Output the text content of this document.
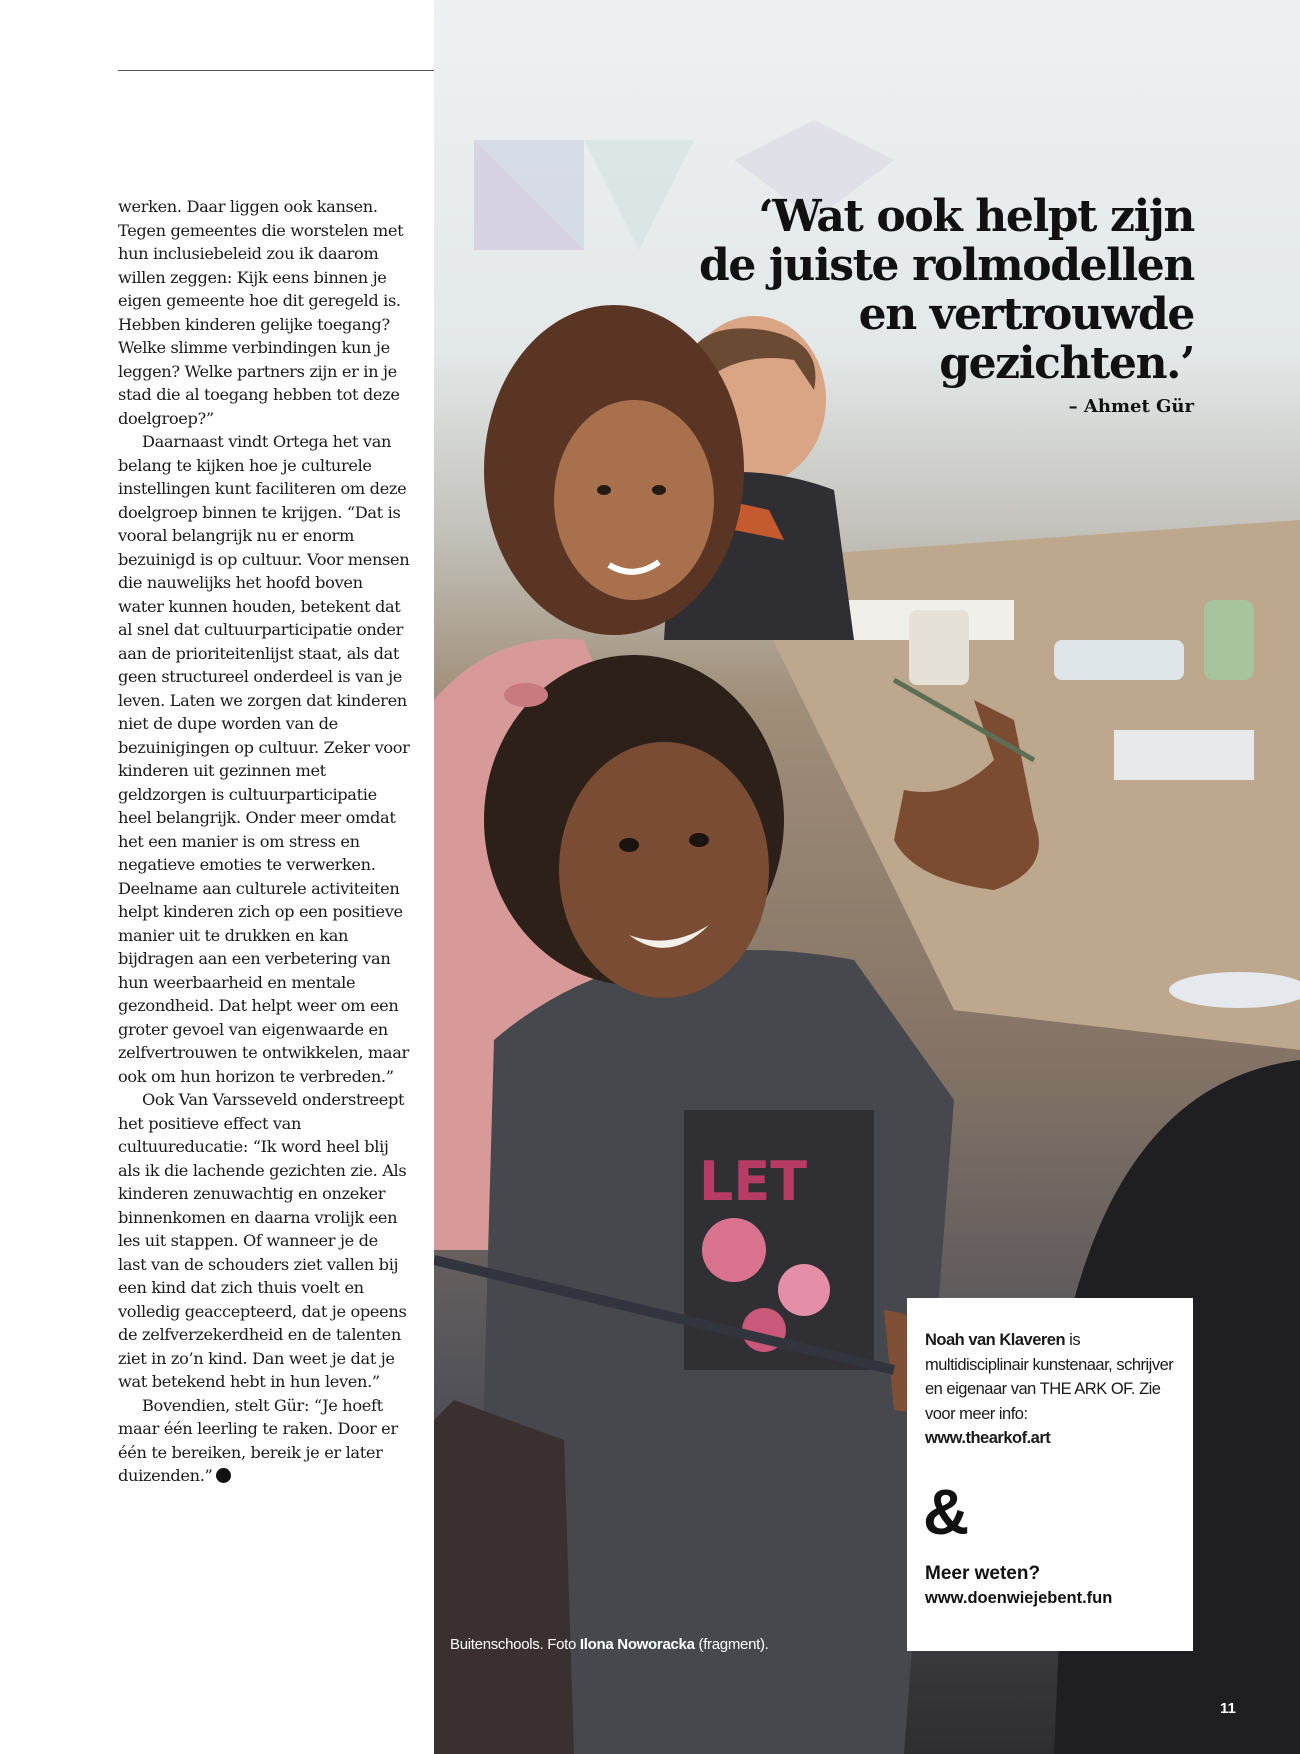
werken. Daar liggen ook kansen. Tegen gemeentes die worstelen met hun inclusiebeleid zou ik daarom willen zeggen: Kijk eens binnen je eigen gemeente hoe dit geregeld is. Hebben kinderen gelijke toegang? Welke slimme verbindingen kun je leggen? Welke partners zijn er in je stad die al toegang hebben tot deze doelgroep?”

Daarnaast vindt Ortega het van belang te kijken hoe je culturele instellingen kunt faciliteren om deze doelgroep binnen te krijgen. “Dat is vooral belangrijk nu er enorm bezuinigd is op cultuur. Voor mensen die nauwelijks het hoofd boven water kunnen houden, betekent dat al snel dat cultuurparticipatie onder aan de prioriteitenlijst staat, als dat geen structureel onderdeel is van je leven. Laten we zorgen dat kinderen niet de dupe worden van de bezuinigingen op cultuur. Zeker voor kinderen uit gezinnen met geldzorgen is cultuurparticipatie heel belangrijk. Onder meer omdat het een manier is om stress en negatieve emoties te verwerken. Deelname aan culturele activiteiten helpt kinderen zich op een positieve manier uit te drukken en kan bijdragen aan een verbetering van hun weerbaarheid en mentale gezondheid. Dat helpt weer om een groter gevoel van eigenwaarde en zelfvertrouwen te ontwikkelen, maar ook om hun horizon te verbreden.”

Ook Van Varsseveld onderstreept het positieve effect van cultuureducatie: “Ik word heel blij als ik die lachende gezichten zie. Als kinderen zenuwachtig en onzeker binnenkomen en daarna vrolijk een les uit stappen. Of wanneer je de last van de schouders ziet vallen bij een kind dat zich thuis voelt en volledig geaccepteerd, dat je opeens de zelfverzekerdheid en de talenten ziet in zo’n kind. Dan weet je dat je wat betekend hebt in hun leven.”

Bovendien, stelt Gür: “Je hoeft maar één leerling te raken. Door er één te bereiken, bereik je er later duizenden.”

LET
‘Wat ook helpt zijn
de juiste rolmodellen
en vertrouwde
gezichten.’
– Ahmet Gür
Noah van Klaveren is multidisciplinair kunstenaar, schrijver en eigenaar van THE ARK OF. Zie voor meer info:
www.thearkof.art
&
Meer weten?
www.doenwiejebent.fun
Buitenschools. Foto Ilona Noworacka (fragment).
11
